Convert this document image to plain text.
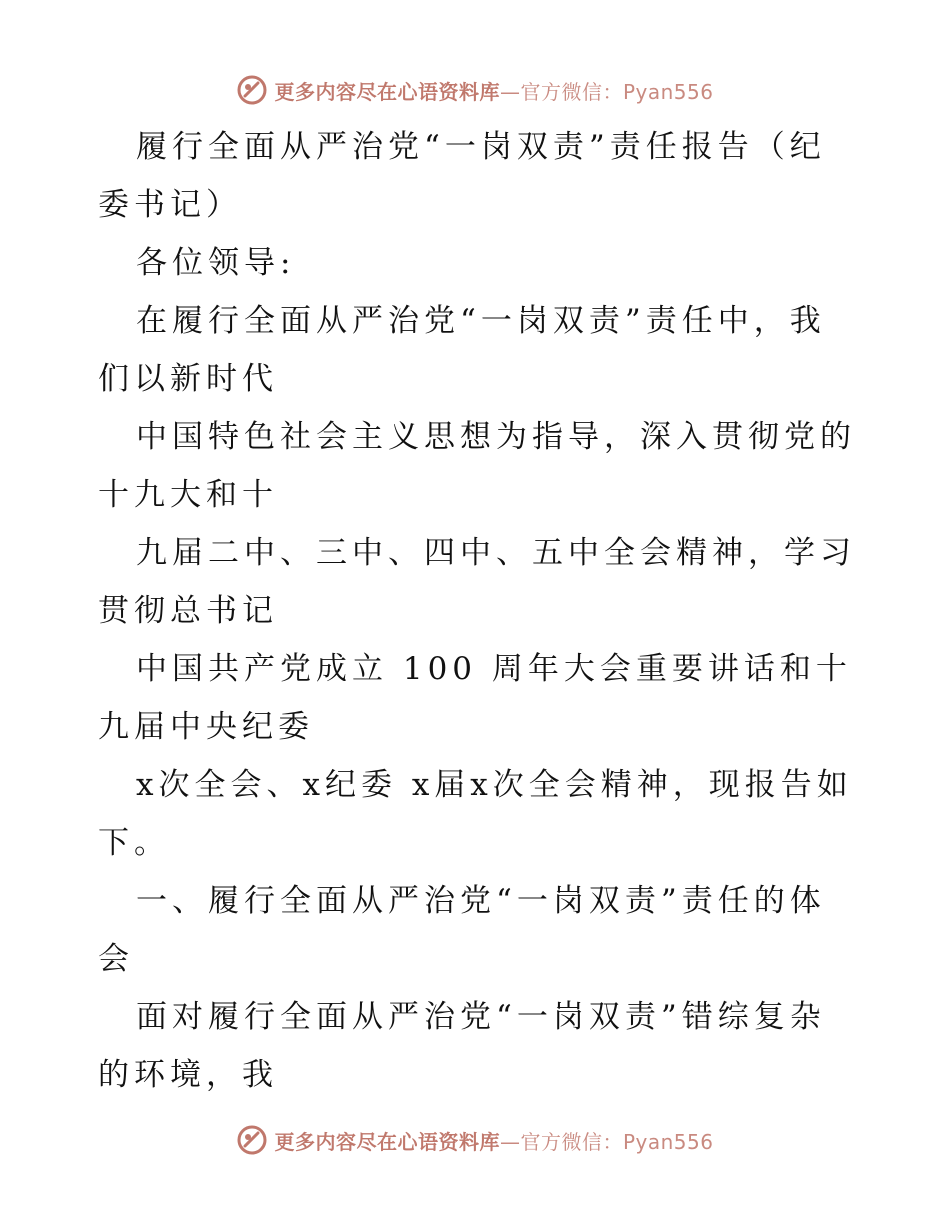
更多内容尽在心语资料库—官方微信：Pyan556

履行全面从严治党“一岗双责”责任报告（纪委书记）

各位领导:

在履行全面从严治党“一岗双责”责任中，我们以新时代

中国特色社会主义思想为指导，深入贯彻党的十九大和十

九届二中、三中、四中、五中全会精神，学习贯彻总书记

中国共产党成立 100 周年大会重要讲话和十九届中央纪委

x次全会、x纪委 x届x次全会精神，现报告如下。

一、履行全面从严治党“一岗双责”责任的体会

面对履行全面从严治党“一岗双责”错综复杂的环境，我

更多内容尽在心语资料库—官方微信：Pyan556
